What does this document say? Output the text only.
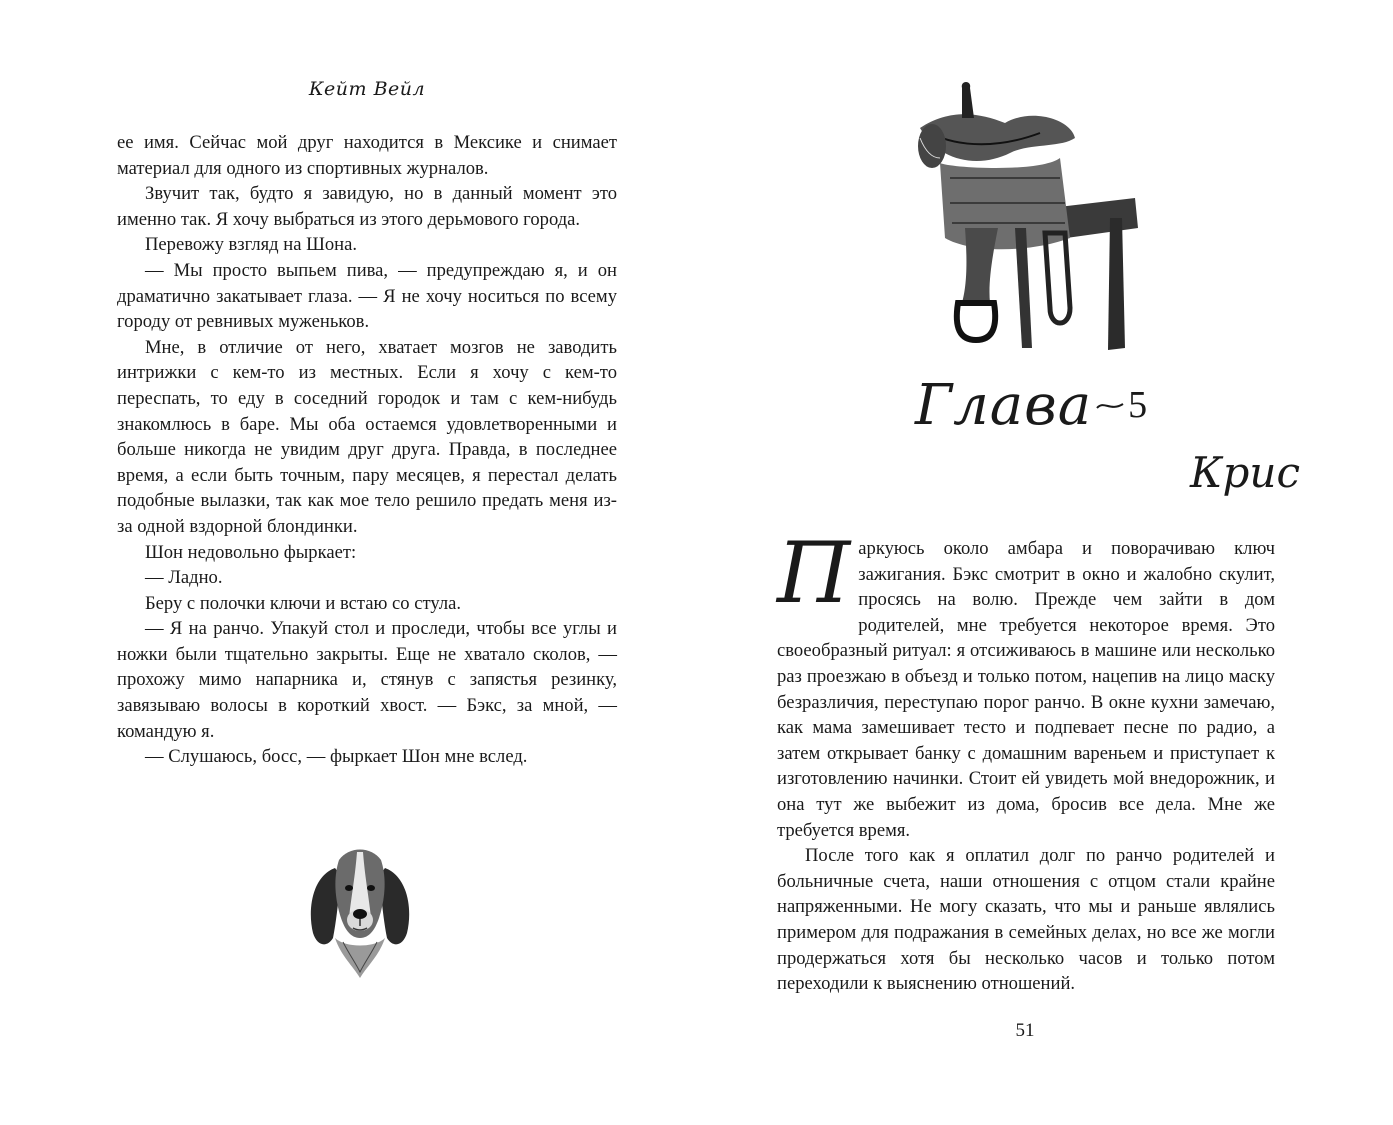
Кейт Вейл

ее имя. Сейчас мой друг находится в Мексике и снимает материал для одного из спортивных журналов.

Звучит так, будто я завидую, но в данный момент это именно так. Я хочу выбраться из этого дерьмового города.

Перевожу взгляд на Шона.

— Мы просто выпьем пива, — предупреждаю я, и он драматично закатывает глаза. — Я не хочу носиться по всему городу от ревнивых муженьков.

Мне, в отличие от него, хватает мозгов не заводить интрижки с кем-то из местных. Если я хочу с кем-то переспать, то еду в соседний городок и там с кем-нибудь знакомлюсь в баре. Мы оба остаемся удовлетворенными и больше никогда не увидим друг друга. Правда, в последнее время, а если быть точным, пару месяцев, я перестал делать подобные вылазки, так как мое тело решило предать меня из-за одной вздорной блондинки.

Шон недовольно фыркает:

— Ладно.

Беру с полочки ключи и встаю со стула.

— Я на ранчо. Упакуй стол и проследи, чтобы все углы и ножки были тщательно закрыты. Еще не хватало сколов, — прохожу мимо напарника и, стянув с запястья резинку, завязываю волосы в короткий хвост. — Бэкс, за мной, — командую я.

— Слушаюсь, босс, — фыркает Шон мне вслед.

Глава 5
Крис

Паркуюсь около амбара и поворачиваю ключ зажигания. Бэкс смотрит в окно и жалобно скулит, просясь на волю. Прежде чем зайти в дом родителей, мне требуется некоторое время. Это своеобразный ритуал: я отсиживаюсь в машине или несколько раз проезжаю в объезд и только потом, нацепив на лицо маску безразличия, переступаю порог ранчо. В окне кухни замечаю, как мама замешивает тесто и подпевает песне по радио, а затем открывает банку с домашним вареньем и приступает к изготовлению начинки. Стоит ей увидеть мой внедорожник, и она тут же выбежит из дома, бросив все дела. Мне же требуется время.

После того как я оплатил долг по ранчо родителей и больничные счета, наши отношения с отцом стали крайне напряженными. Не могу сказать, что мы и раньше являлись примером для подражания в семейных делах, но все же могли продержаться хотя бы несколько часов и только потом переходили к выяснению отношений.

51
